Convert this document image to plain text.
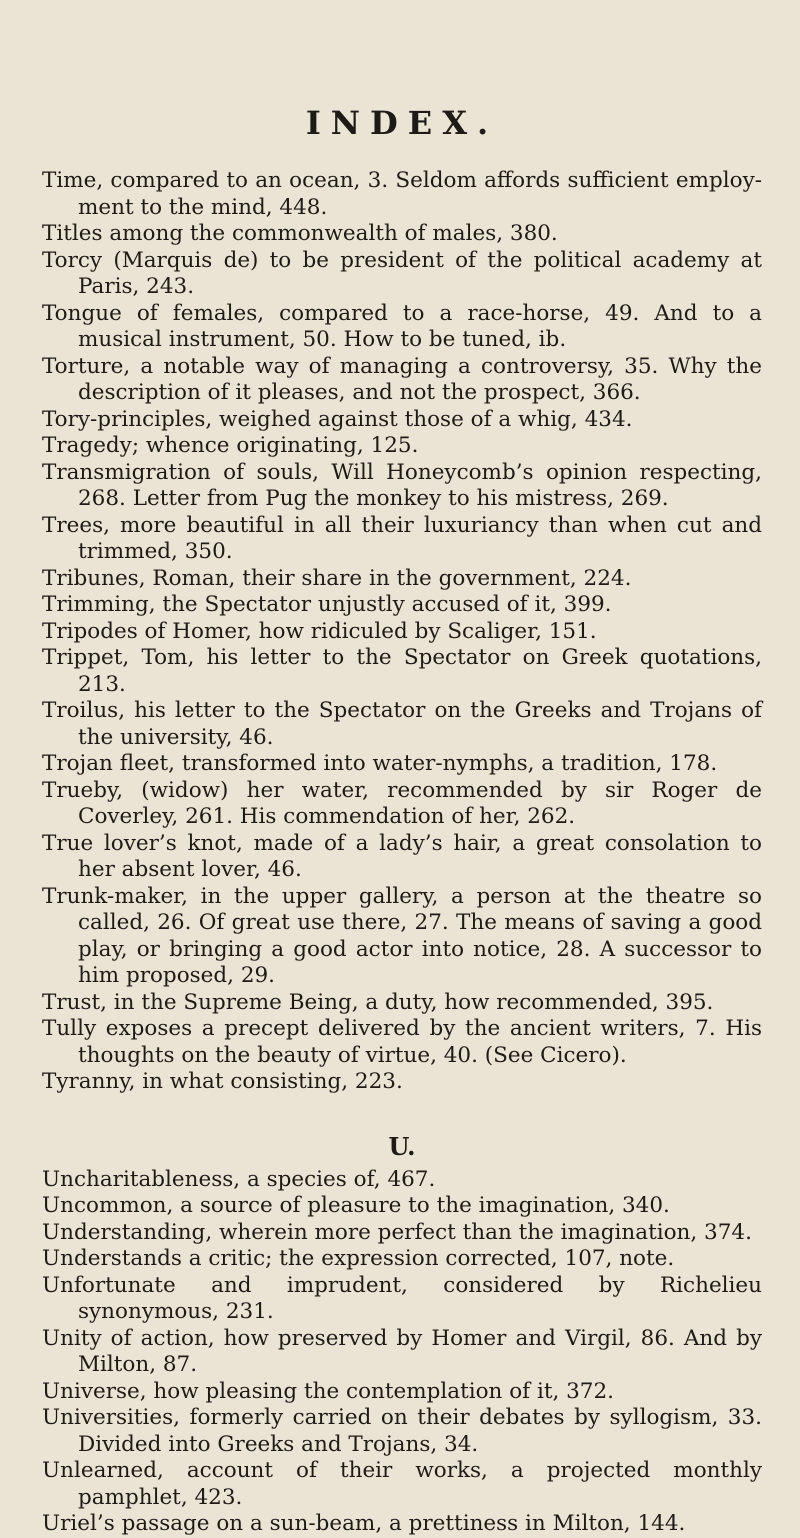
INDEX.

Time, compared to an ocean, 3. Seldom affords sufficient employment to the mind, 448.

Titles among the commonwealth of males, 380.

Torcy (Marquis de) to be president of the political academy at Paris, 243.

Tongue of females, compared to a race-horse, 49. And to a musical instrument, 50. How to be tuned, ib.

Torture, a notable way of managing a controversy, 35. Why the description of it pleases, and not the prospect, 366.

Tory-principles, weighed against those of a whig, 434.

Tragedy; whence originating, 125.

Transmigration of souls, Will Honeycomb’s opinion respecting, 268. Letter from Pug the monkey to his mistress, 269.

Trees, more beautiful in all their luxuriancy than when cut and trimmed, 350.

Tribunes, Roman, their share in the government, 224.

Trimming, the Spectator unjustly accused of it, 399.

Tripodes of Homer, how ridiculed by Scaliger, 151.

Trippet, Tom, his letter to the Spectator on Greek quotations, 213.

Troilus, his letter to the Spectator on the Greeks and Trojans of the university, 46.

Trojan fleet, transformed into water-nymphs, a tradition, 178.

Trueby, (widow) her water, recommended by sir Roger de Coverley, 261. His commendation of her, 262.

True lover’s knot, made of a lady’s hair, a great consolation to her absent lover, 46.

Trunk-maker, in the upper gallery, a person at the theatre so called, 26. Of great use there, 27. The means of saving a good play, or bringing a good actor into notice, 28. A successor to him proposed, 29.

Trust, in the Supreme Being, a duty, how recommended, 395.

Tully exposes a precept delivered by the ancient writers, 7. His thoughts on the beauty of virtue, 40. (See Cicero).

Tyranny, in what consisting, 223.

U.

Uncharitableness, a species of, 467.

Uncommon, a source of pleasure to the imagination, 340.

Understanding, wherein more perfect than the imagination, 374.

Understands a critic; the expression corrected, 107, note.

Unfortunate and imprudent, considered by Richelieu synonymous, 231.

Unity of action, how preserved by Homer and Virgil, 86. And by Milton, 87.

Universe, how pleasing the contemplation of it, 372.

Universities, formerly carried on their debates by syllogism, 33. Divided into Greeks and Trojans, 34.

Unlearned, account of their works, a projected monthly pamphlet, 423.

Uriel’s passage on a sun-beam, a prettiness in Milton, 144.
